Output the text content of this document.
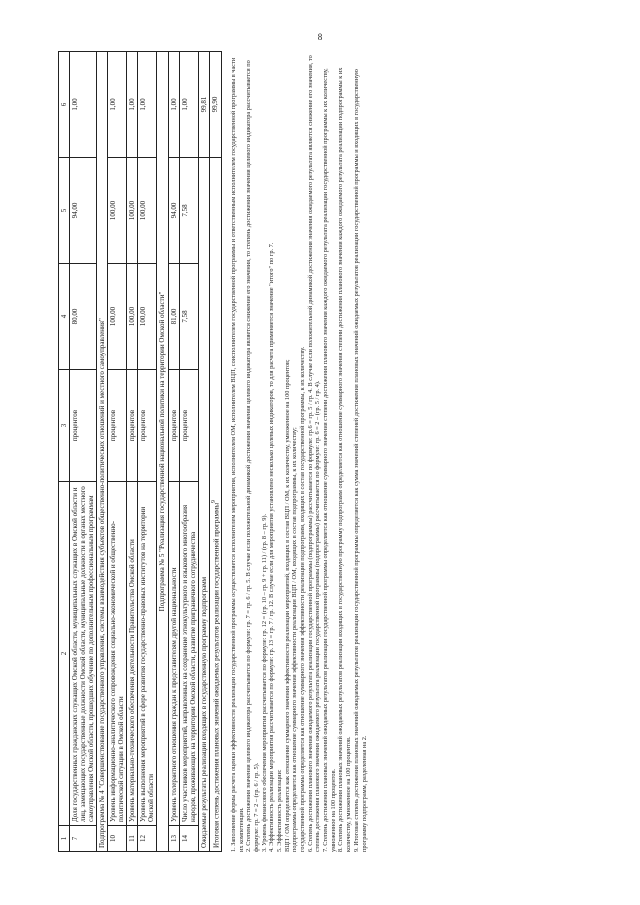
8
1	2	3	4	5	6
7	Доля государственных гражданских служащих Омской области, муниципальных служащих в Омской области и лиц, замещающих государственные должности Омской области, муниципальные должности в органах местного самоуправления Омской области, прошедших обучение по дополнительным профессиональным программам	процентов	80,00	94,00	1,00
Подпрограмма № 4 "Совершенствование государственного управления, системы взаимодействия субъектов общественно-политических отношений и местного самоуправления"					
10	Уровень информационно-аналитического сопровождения социально-экономической и общественно-политической ситуации в Омской области	процентов	100,00	100,00	1,00
11	Уровень материально-технического обеспечения деятельности Правительства Омской области	процентов	100,00	100,00	1,00
12	Уровень выполнения мероприятий в сфере развития государственно-правовых институтов на территории Омской области	процентов	100,00	100,00	1,00
Подпрограмма № 5 "Реализация государственной национальной политики на территории Омской области"					
13	Уровень толерантного отношения граждан к представителям другой национальности	процентов	81,00	94,00	1,00
14	Число участников мероприятий, направленных на сохранение этнокультурного и языкового многообразия народов, проживающих на территории Омской области, развитие приграничного сотрудничества	процентов	7,58	7,58	1,00
Ожидаемые результаты реализации входящих в государственную программу подпрограмм					99,81
Итоговая степень достижения плановых значений ожидаемых результатов реализации государственной программы$^9$					99,90 1. Заполнение формы расчета оценки эффективности реализации государственной программы осуществляется исполнителем мероприятия, исполнителем ОМ, исполнителем ВЦП, соисполнителем государственной программы и ответственным исполнителем государственной программы в части их компетенции. 2. Степень достижения значения целевого индикатора рассчитывается по формуле: гр. 7 = гр. 6 / гр. 5. В случае если положительной динамикой достижения значения целевого индикатора является снижение его значения, то степень достижения значения целевого индикатора рассчитывается по формуле: гр. 7 = 2 – (гр. 6 / гр. 5). 3. Уровень финансового обеспечения мероприятия рассчитывается по формуле: гр. 12 = (гр. 10 – гр. 9 + гр. 11) / (гр. 8 – гр. 9). 4. Эффективность реализации мероприятия рассчитывается по формуле: гр. 13 = гр. 7 / гр. 12. В случае если для мероприятия установлено несколько целевых индикаторов, то для расчета применяется значение "итого" по гр. 7. 5. Эффективность реализации: ВЦП / ОМ определяется как отношение суммарного значения эффективности реализации мероприятий, входящих в состав ВЦП / ОМ, к их количеству, умноженное на 100 процентов; подпрограммы определяется как отношение суммарного значения эффективности реализации ВЦП / ОМ, входящих в состав подпрограммы, к их количеству; государственной программы определяется как отношение суммарного значения эффективности реализации подпрограмм, входящих в состав государственной программы, к их количеству. 6. Степень достижения планового значения ожидаемого результата реализации государственной программы (подпрограммы) рассчитывается по формуле: гр.6 = гр. 5 / гр. 4. В случае если положительной динамикой достижения значения ожидаемого результата является снижение его значения, то степень достижения планового значения ожидаемого результата реализации государственной программы (подпрограммы) рассчитывается по формуле: гр. 6 = 2 – (гр. 5 / гр. 4). 7. Степень достижения плановых значений ожидаемых результатов реализации государственной программы определяется как отношение суммарного значения степени достижения планового значения каждого ожидаемого результата реализации государственной программы к их количеству, умноженное на 100 процентов. 8. Степень достижения плановых значений ожидаемых результатов реализации входящих в государственную программу подпрограмм определяется как отношение суммарного значения степени достижения планового значения каждого ожидаемого результата реализации подпрограммы к их количеству, умноженное на 100 процентов. 9. Итоговая степень достижения плановых значений ожидаемых результатов реализации государственной программы определяется как сумма значений степеней достижения плановых значений ожидаемых результатов реализации государственной программы и входящих в государственную программу подпрограмм, разделенная на 2.
